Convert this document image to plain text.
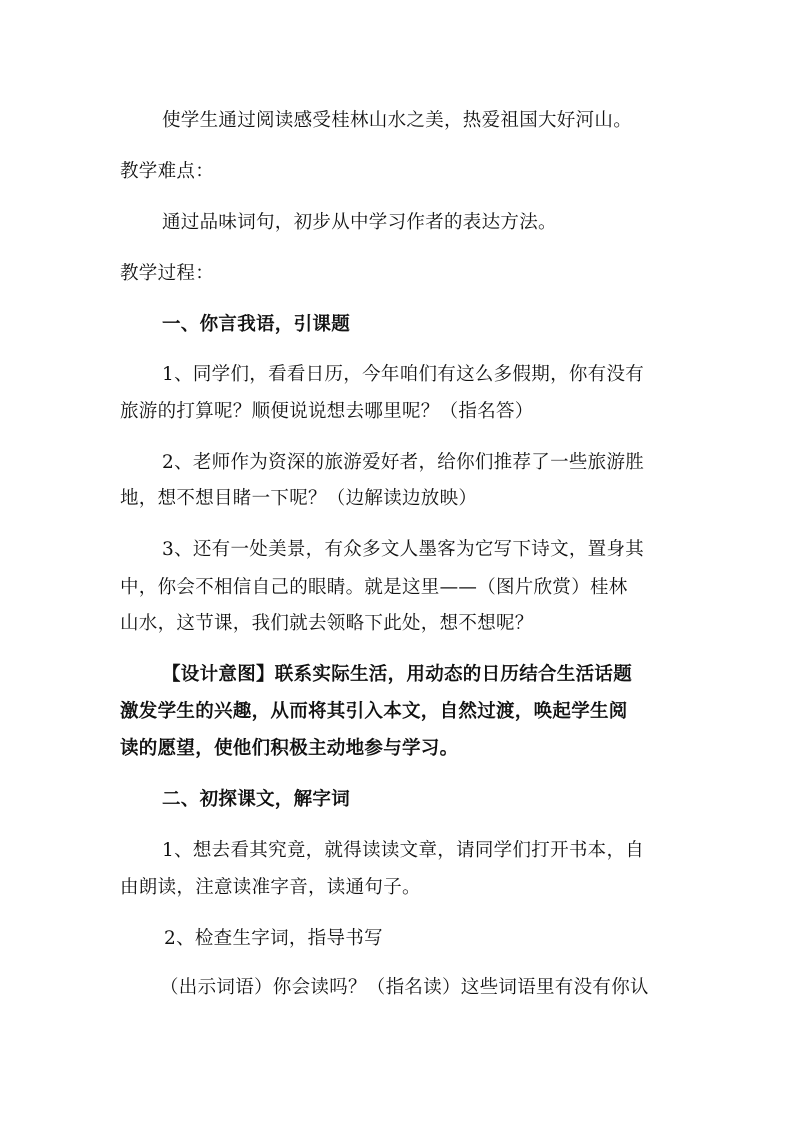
使学生通过阅读感受桂林山水之美，热爱祖国大好河山。
教学难点：
通过品味词句，初步从中学习作者的表达方法。
教学过程：
一、你言我语，引课题
1、同学们，看看日历，今年咱们有这么多假期，你有没有
旅游的打算呢？顺便说说想去哪里呢？（指名答）
2、老师作为资深的旅游爱好者，给你们推荐了一些旅游胜
地，想不想目睹一下呢？（边解读边放映）
3、还有一处美景，有众多文人墨客为它写下诗文，置身其
中，你会不相信自己的眼睛。就是这里——（图片欣赏）桂林
山水，这节课，我们就去领略下此处，想不想呢？
【设计意图】联系实际生活，用动态的日历结合生活话题
激发学生的兴趣，从而将其引入本文，自然过渡，唤起学生阅
读的愿望，使他们积极主动地参与学习。
二、初探课文，解字词
1、想去看其究竟，就得读读文章，请同学们打开书本，自
由朗读，注意读准字音，读通句子。
2、检查生字词，指导书写
（出示词语）你会读吗？（指名读）这些词语里有没有你认
